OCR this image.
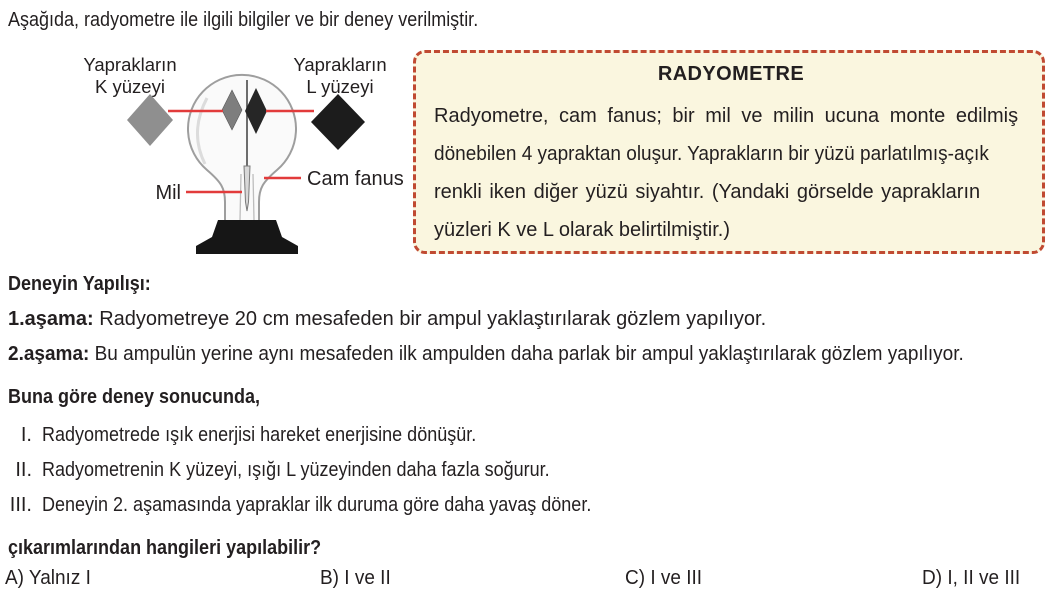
Aşağıda, radyometre ile ilgili bilgiler ve bir deney verilmiştir.
Yaprakların
K yüzeyi
Yaprakların
L yüzeyi
Mil
Cam fanus
RADYOMETRE
Radyometre, cam fanus; bir mil ve milin ucuna monte edilmiş
dönebilen 4 yapraktan oluşur. Yaprakların bir yüzü parlatılmış-açık
renkli iken diğer yüzü siyahtır. (Yandaki görselde yaprakların
yüzleri K ve L olarak belirtilmiştir.)
Deneyin Yapılışı:
1.aşama: Radyometreye 20 cm mesafeden bir ampul yaklaştırılarak gözlem yapılıyor.
2.aşama: Bu ampulün yerine aynı mesafeden ilk ampulden daha parlak bir ampul yaklaştırılarak gözlem yapılıyor.
Buna göre deney sonucunda,
I. Radyometrede ışık enerjisi hareket enerjisine dönüşür.
II. Radyometrenin K yüzeyi, ışığı L yüzeyinden daha fazla soğurur.
III. Deneyin 2. aşamasında yapraklar ilk duruma göre daha yavaş döner.
çıkarımlarından hangileri yapılabilir?
A) Yalnız I	B) I ve II	C) I ve III	D) I, II ve III
